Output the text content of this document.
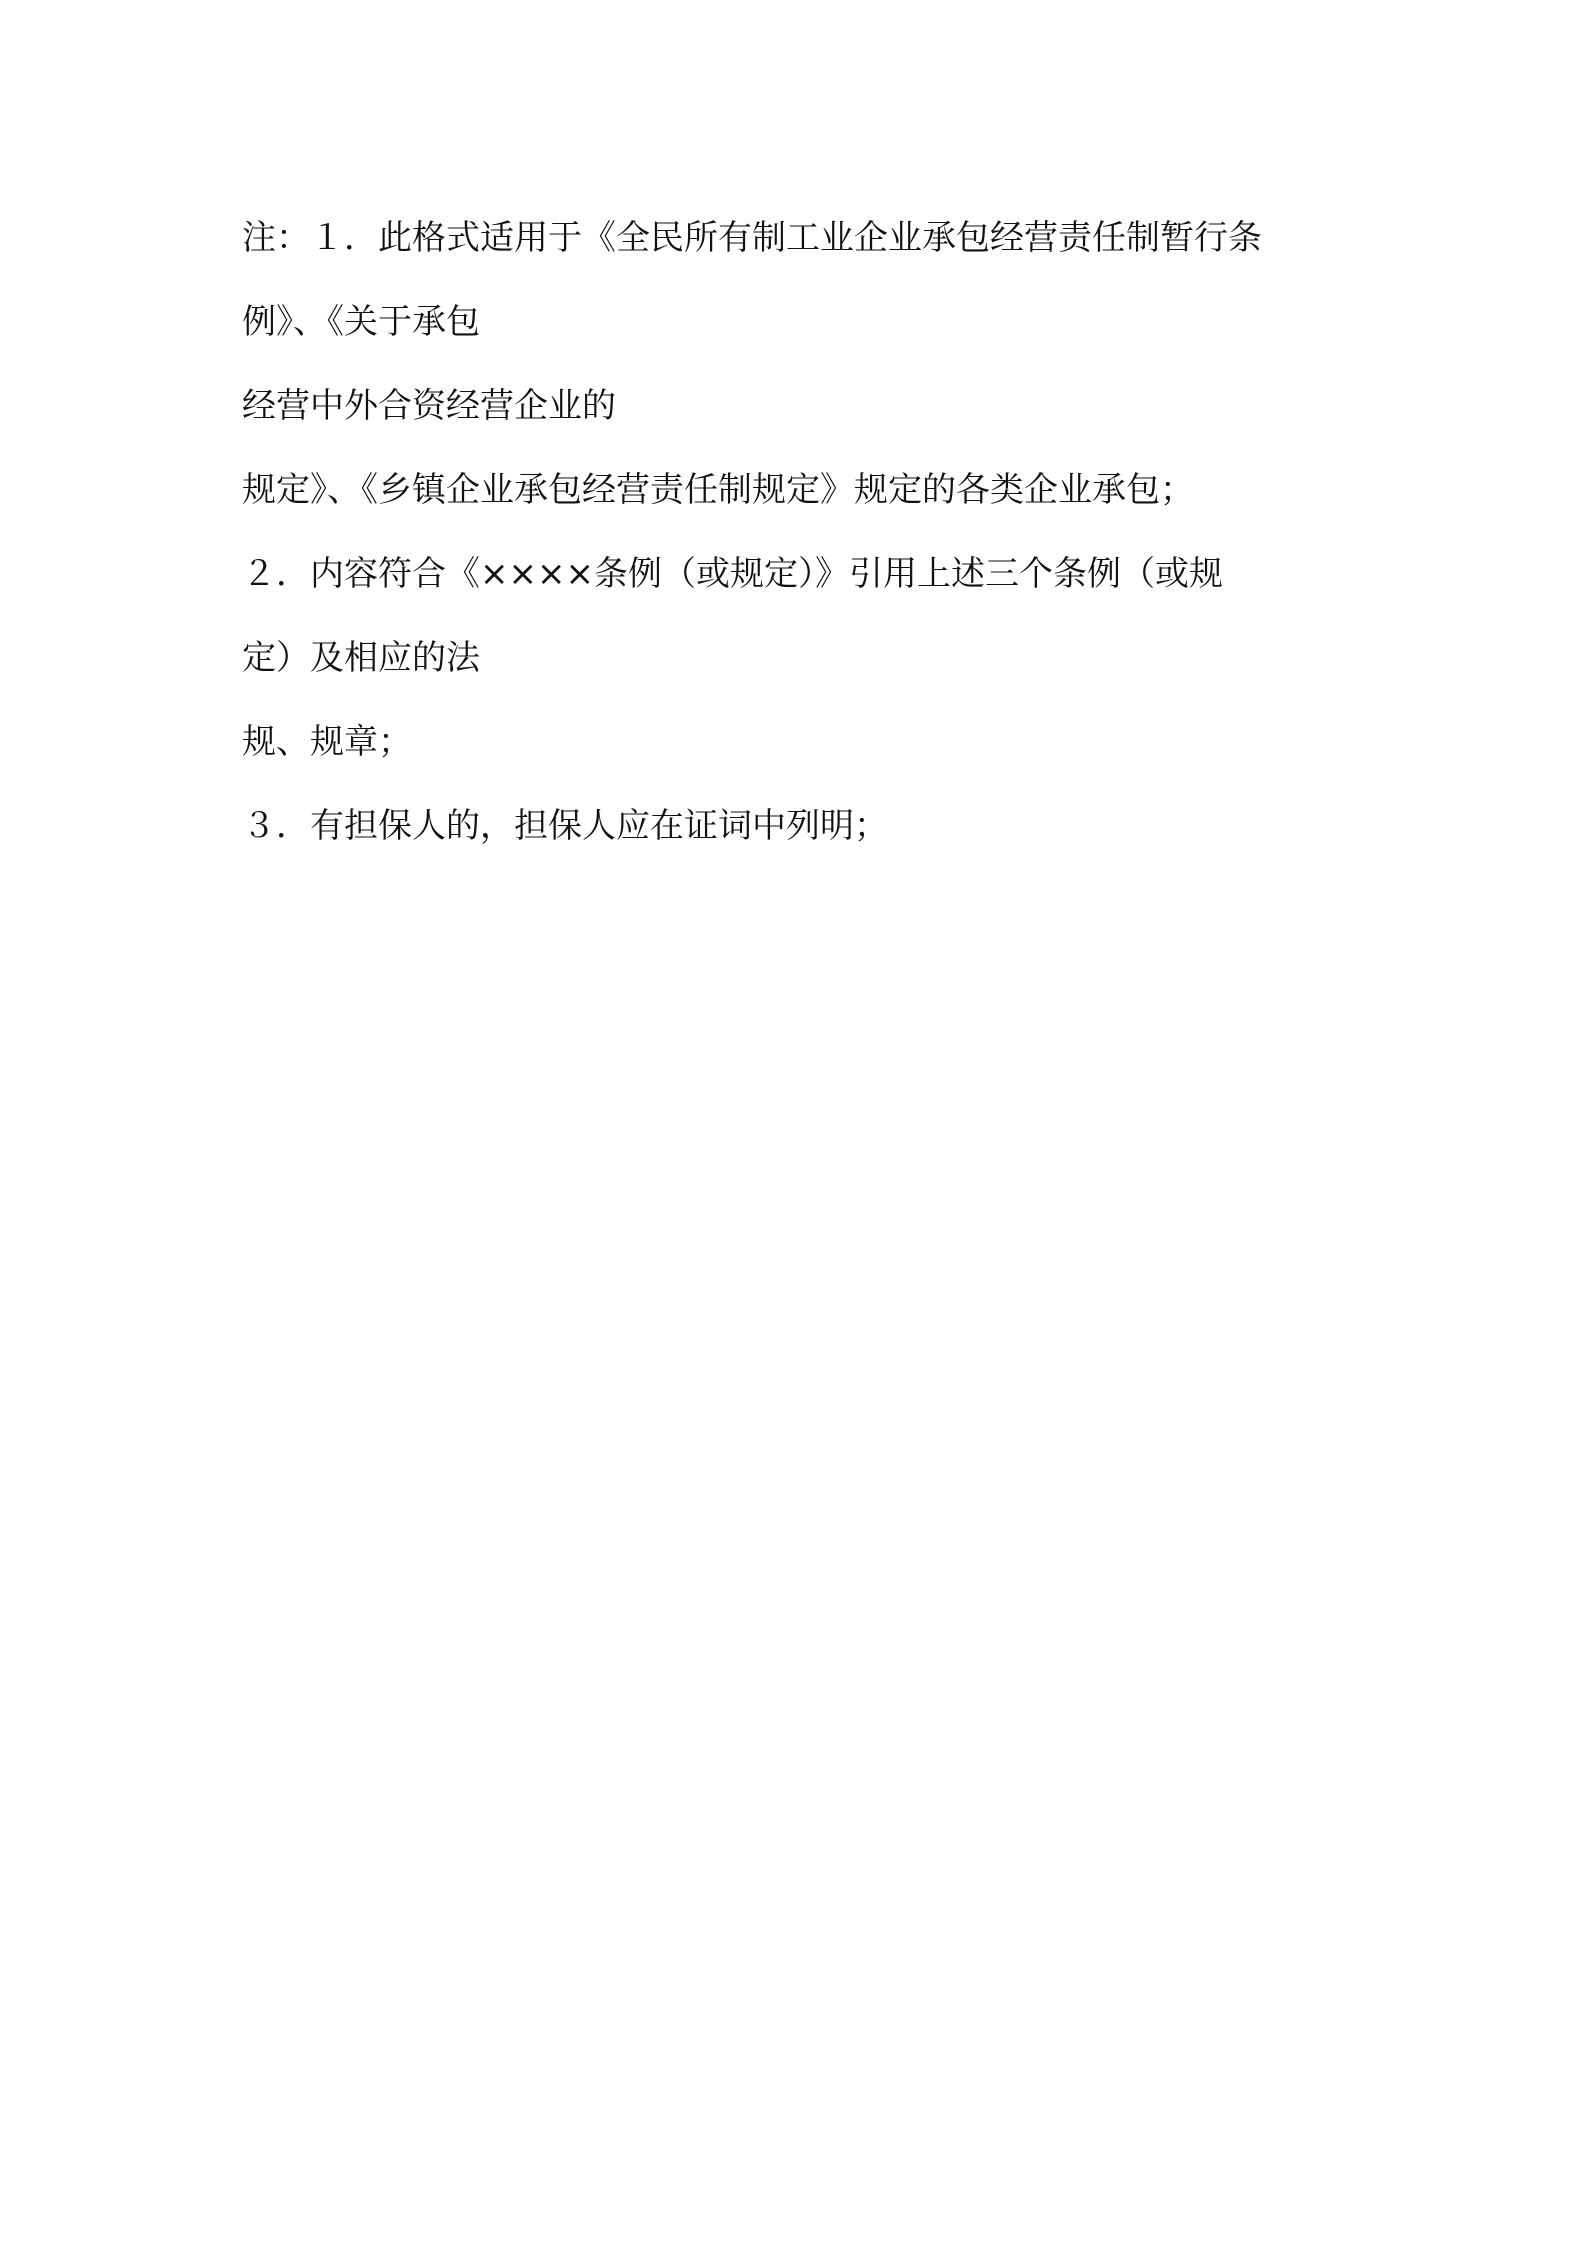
注：１．此格式适用于《全民所有制工业企业承包经营责任制暂行条

例》、《关于承包

经营中外合资经营企业的

规定》、《乡镇企业承包经营责任制规定》规定的各类企业承包；

２．内容符合《××××条例（或规定）》引用上述三个条例（或规

定）及相应的法

规、规章；

３．有担保人的，担保人应在证词中列明；
